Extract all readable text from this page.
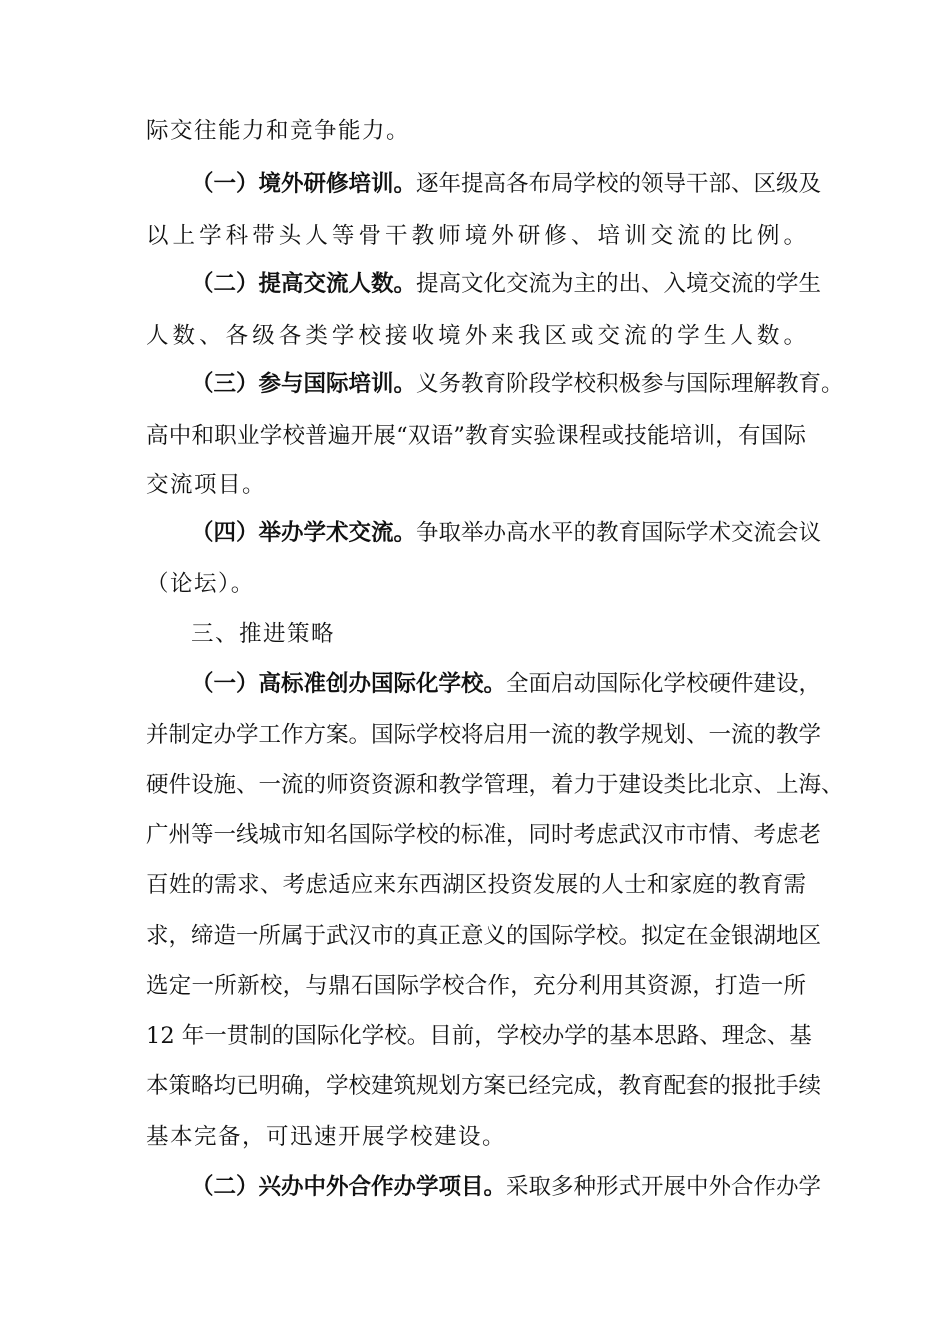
际交往能力和竞争能力。
（一）境外研修培训。逐年提高各布局学校的领导干部、区级及
以上学科带头人等骨干教师境外研修、培训交流的比例。
（二）提高交流人数。提高文化交流为主的出、入境交流的学生
人数、各级各类学校接收境外来我区或交流的学生人数。
（三）参与国际培训。义务教育阶段学校积极参与国际理解教育。
高中和职业学校普遍开展“双语”教育实验课程或技能培训，有国际
交流项目。
（四）举办学术交流。争取举办高水平的教育国际学术交流会议
（论坛）。
三、推进策略
（一）高标准创办国际化学校。全面启动国际化学校硬件建设，
并制定办学工作方案。国际学校将启用一流的教学规划、一流的教学
硬件设施、一流的师资资源和教学管理，着力于建设类比北京、上海、
广州等一线城市知名国际学校的标准，同时考虑武汉市市情、考虑老
百姓的需求、考虑适应来东西湖区投资发展的人士和家庭的教育需
求，缔造一所属于武汉市的真正意义的国际学校。拟定在金银湖地区
选定一所新校，与鼎石国际学校合作，充分利用其资源，打造一所
12 年一贯制的国际化学校。目前，学校办学的基本思路、理念、基
本策略均已明确，学校建筑规划方案已经完成，教育配套的报批手续
基本完备，可迅速开展学校建设。
（二）兴办中外合作办学项目。采取多种形式开展中外合作办学
